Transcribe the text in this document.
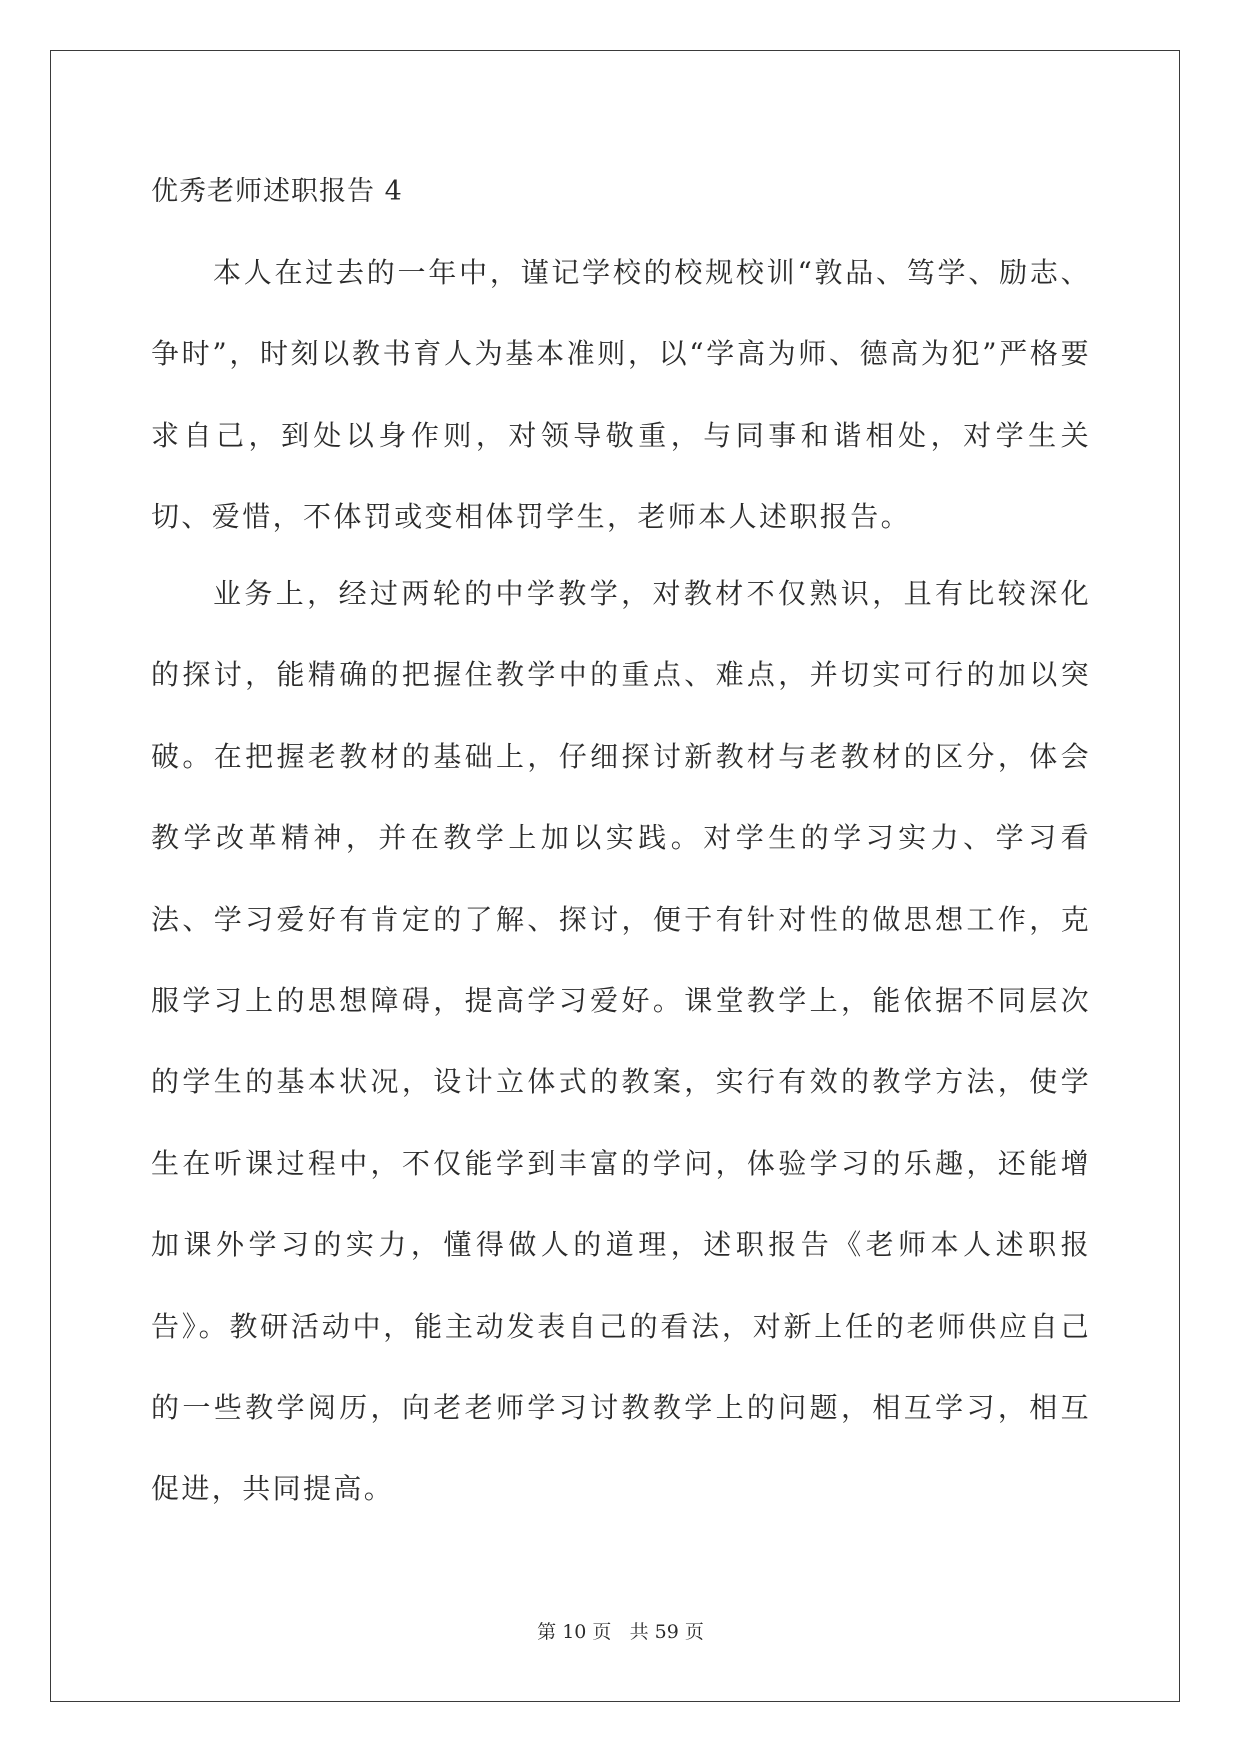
优秀老师述职报告 4

本人在过去的一年中，谨记学校的校规校训“敦品、笃学、励志、争时”，时刻以教书育人为基本准则，以“学高为师、德高为犯”严格要求自己，到处以身作则，对领导敬重，与同事和谐相处，对学生关切、爱惜，不体罚或变相体罚学生，老师本人述职报告。

业务上，经过两轮的中学教学，对教材不仅熟识，且有比较深化的探讨，能精确的把握住教学中的重点、难点，并切实可行的加以突破。在把握老教材的基础上，仔细探讨新教材与老教材的区分，体会教学改革精神，并在教学上加以实践。对学生的学习实力、学习看法、学习爱好有肯定的了解、探讨，便于有针对性的做思想工作，克服学习上的思想障碍，提高学习爱好。课堂教学上，能依据不同层次的学生的基本状况，设计立体式的教案，实行有效的教学方法，使学生在听课过程中，不仅能学到丰富的学问，体验学习的乐趣，还能增加课外学习的实力，懂得做人的道理，述职报告《老师本人述职报告》。教研活动中，能主动发表自己的看法，对新上任的老师供应自己的一些教学阅历，向老老师学习讨教教学上的问题，相互学习，相互促进，共同提高。

第 10 页 共 59 页
